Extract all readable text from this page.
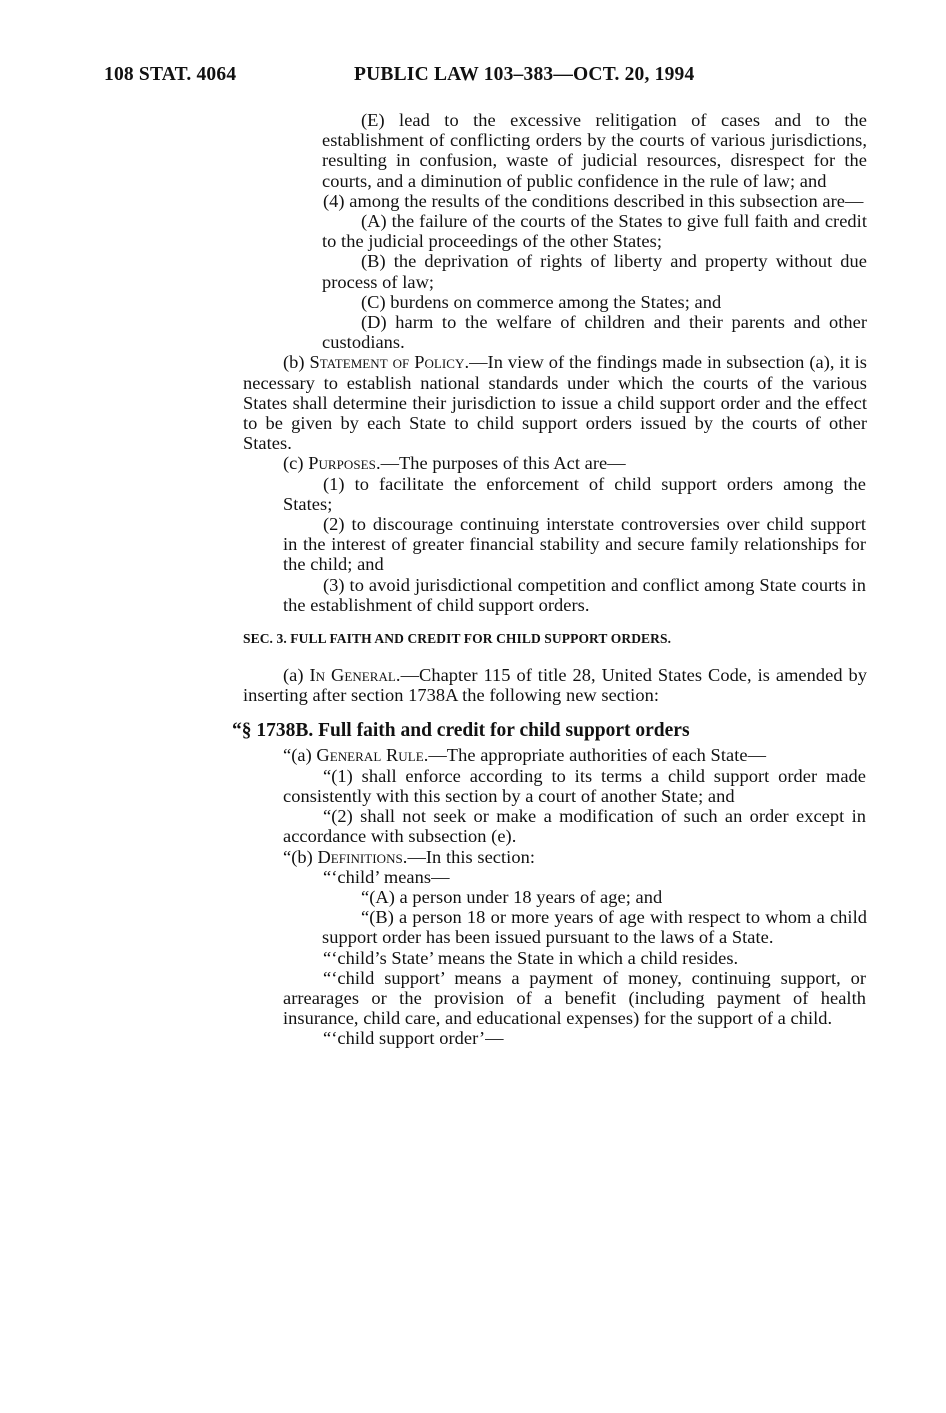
108 STAT. 4064	PUBLIC LAW 103–383—OCT. 20, 1994

(E) lead to the excessive relitigation of cases and to the establishment of conflicting orders by the courts of various jurisdictions, resulting in confusion, waste of judicial resources, disrespect for the courts, and a diminution of public confidence in the rule of law; and

(4) among the results of the conditions described in this subsection are—

(A) the failure of the courts of the States to give full faith and credit to the judicial proceedings of the other States;

(B) the deprivation of rights of liberty and property without due process of law;

(C) burdens on commerce among the States; and

(D) harm to the welfare of children and their parents and other custodians.

(b) Statement of Policy.—In view of the findings made in subsection (a), it is necessary to establish national standards under which the courts of the various States shall determine their jurisdiction to issue a child support order and the effect to be given by each State to child support orders issued by the courts of other States.

(c) Purposes.—The purposes of this Act are—

(1) to facilitate the enforcement of child support orders among the States;

(2) to discourage continuing interstate controversies over child support in the interest of greater financial stability and secure family relationships for the child; and

(3) to avoid jurisdictional competition and conflict among State courts in the establishment of child support orders.

SEC. 3. FULL FAITH AND CREDIT FOR CHILD SUPPORT ORDERS.

(a) In General.—Chapter 115 of title 28, United States Code, is amended by inserting after section 1738A the following new section:

“§ 1738B. Full faith and credit for child support orders

“(a) General Rule.—The appropriate authorities of each State—

“(1) shall enforce according to its terms a child support order made consistently with this section by a court of another State; and

“(2) shall not seek or make a modification of such an order except in accordance with subsection (e).

“(b) Definitions.—In this section:

“‘child’ means—

“(A) a person under 18 years of age; and

“(B) a person 18 or more years of age with respect to whom a child support order has been issued pursuant to the laws of a State.

“‘child’s State’ means the State in which a child resides.

“‘child support’ means a payment of money, continuing support, or arrearages or the provision of a benefit (including payment of health insurance, child care, and educational expenses) for the support of a child.

“‘child support order’—
